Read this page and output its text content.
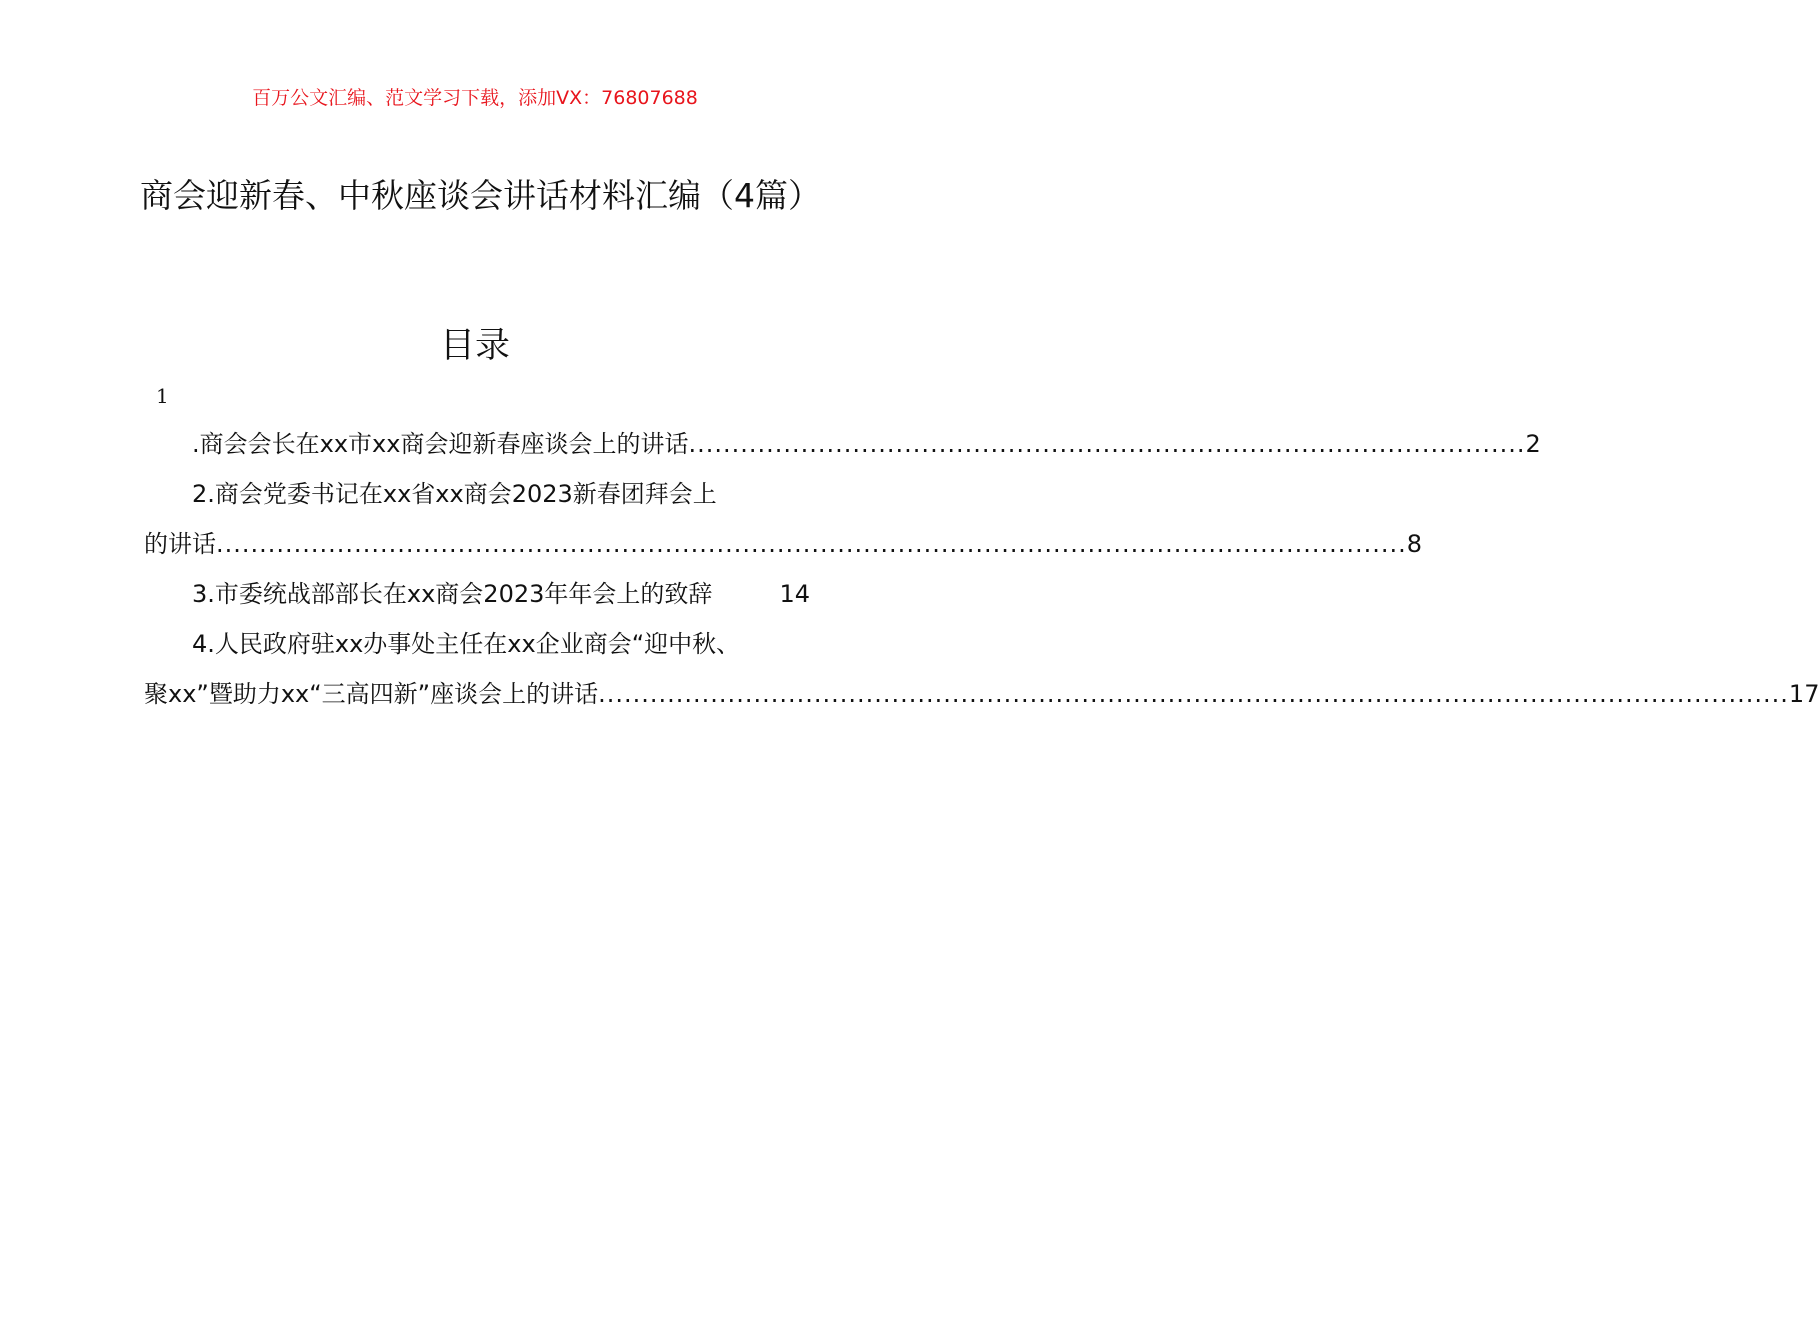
百万公文汇编、范文学习下载，添加VX：76807688
商会迎新春、中秋座谈会讲话材料汇编（4篇）
目录
1
.商会会长在xx市xx商会迎新春座谈会上的讲话 ................................................................................................. 2
2.商会党委书记在xx省xx商会2023新春团拜会上
的讲话 .......................................................................................................................................... 8
3.市委统战部部长在xx商会2023年年会上的致辞	14
4.人民政府驻xx办事处主任在xx企业商会“迎中秋、
聚xx”暨助力xx“三高四新”座谈会上的讲话 .......................................................................................................................................... 17
